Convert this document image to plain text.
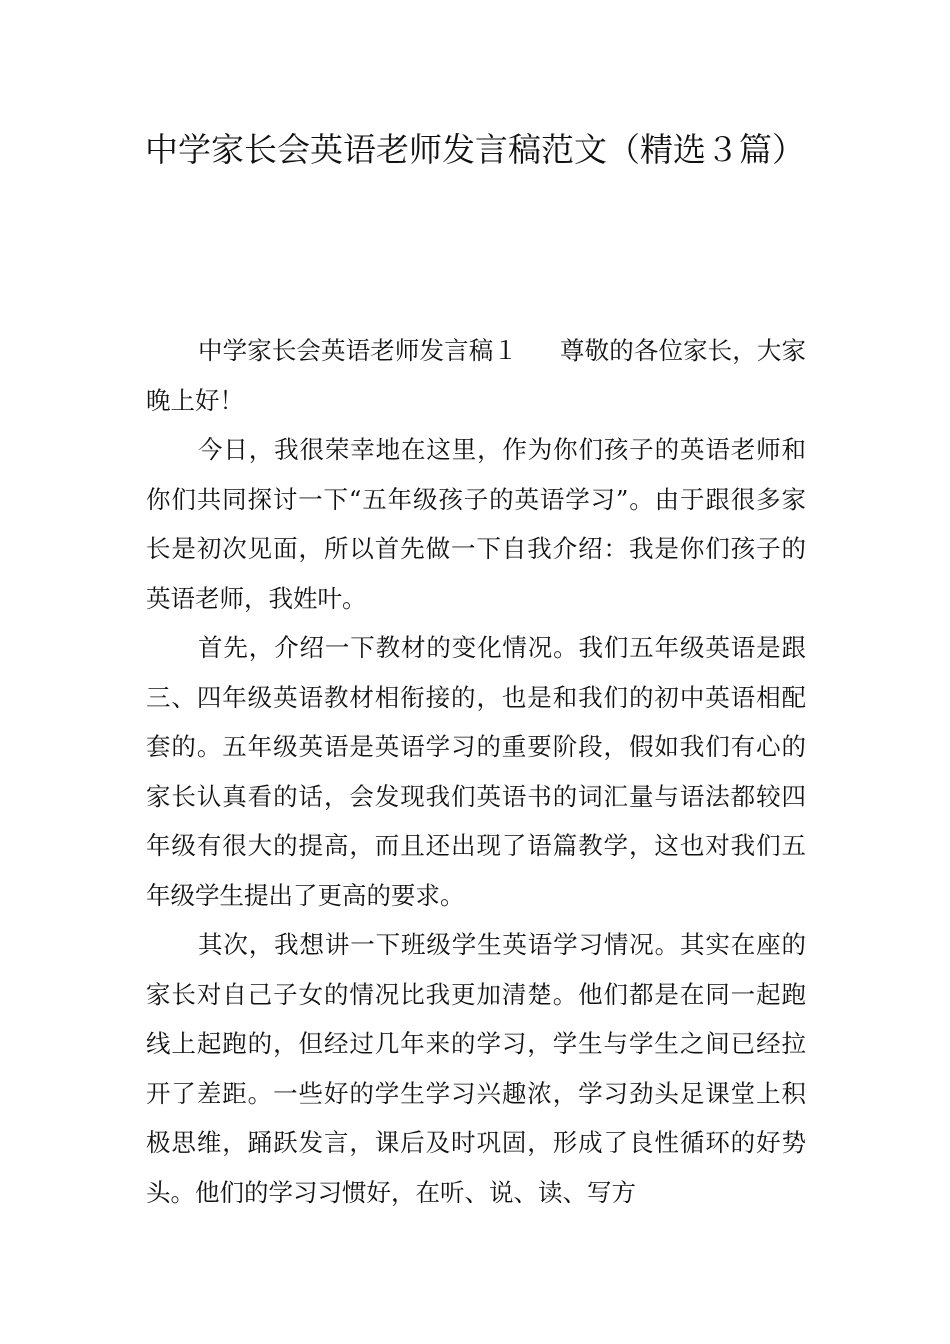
中学家长会英语老师发言稿范文（精选３篇）

中学家长会英语老师发言稿１ 尊敬的各位家长，大家晚上好！

今日，我很荣幸地在这里，作为你们孩子的英语老师和你们共同探讨一下“五年级孩子的英语学习”。由于跟很多家长是初次见面，所以首先做一下自我介绍：我是你们孩子的英语老师，我姓叶。

首先，介绍一下教材的变化情况。我们五年级英语是跟三、四年级英语教材相衔接的，也是和我们的初中英语相配套的。五年级英语是英语学习的重要阶段，假如我们有心的家长认真看的话，会发现我们英语书的词汇量与语法都较四年级有很大的提高，而且还出现了语篇教学，这也对我们五年级学生提出了更高的要求。

其次，我想讲一下班级学生英语学习情况。其实在座的家长对自己子女的情况比我更加清楚。他们都是在同一起跑线上起跑的，但经过几年来的学习，学生与学生之间已经拉开了差距。一些好的学生学习兴趣浓，学习劲头足课堂上积极思维，踊跃发言，课后及时巩固，形成了良性循环的好势头。他们的学习习惯好，在听、说、读、写方
